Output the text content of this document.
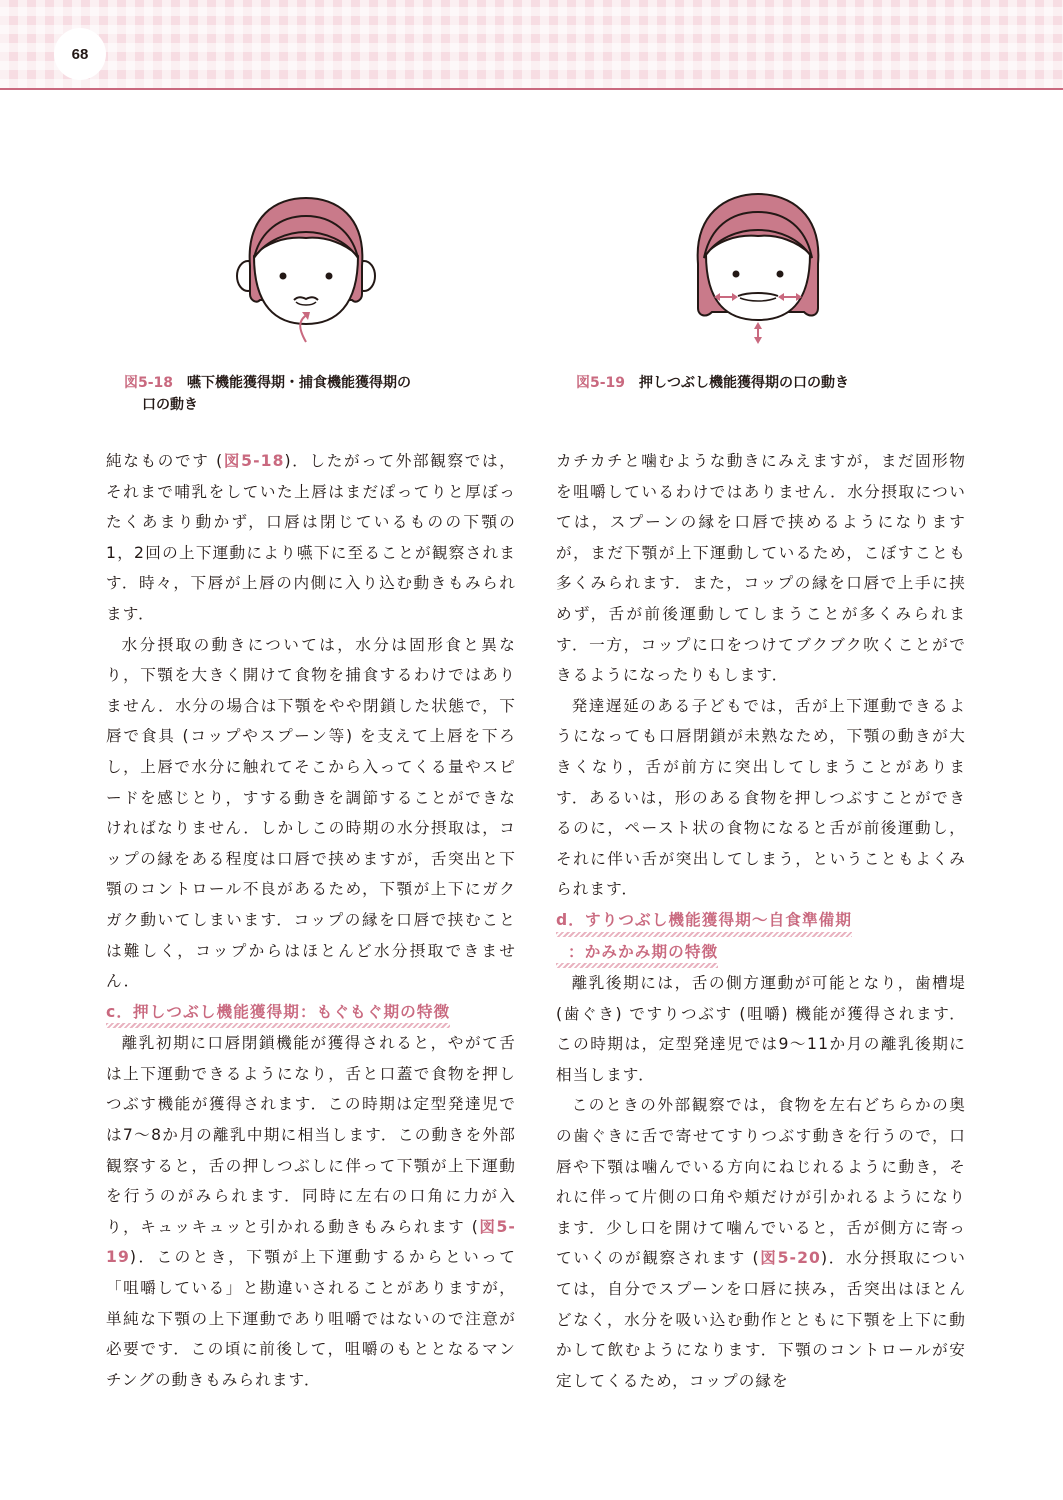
68
図5-18 嚥下機能獲得期・捕食機能獲得期の
口の動き
図5-19 押しつぶし機能獲得期の口の動き

純なものです (図5-18)．したがって外部観察では，それまで哺乳をしていた上唇はまだぽってりと厚ぼったくあまり動かず，口唇は閉じているものの下顎の1，2回の上下運動により嚥下に至ることが観察されます．時々，下唇が上唇の内側に入り込む動きもみられます．

水分摂取の動きについては，水分は固形食と異なり，下顎を大きく開けて食物を捕食するわけではありません．水分の場合は下顎をやや閉鎖した状態で，下唇で食具 (コップやスプーン等) を支えて上唇を下ろし，上唇で水分に触れてそこから入ってくる量やスピードを感じとり，すする動きを調節することができなければなりません．しかしこの時期の水分摂取は，コップの縁をある程度は口唇で挟めますが，舌突出と下顎のコントロール不良があるため，下顎が上下にガクガク動いてしまいます．コップの縁を口唇で挟むことは難しく，コップからはほとんど水分摂取できません．

c．押しつぶし機能獲得期：もぐもぐ期の特徴

離乳初期に口唇閉鎖機能が獲得されると，やがて舌は上下運動できるようになり，舌と口蓋で食物を押しつぶす機能が獲得されます．この時期は定型発達児では7〜8か月の離乳中期に相当します．この動きを外部観察すると，舌の押しつぶしに伴って下顎が上下運動を行うのがみられます．同時に左右の口角に力が入り，キュッキュッと引かれる動きもみられます (図5-19)．このとき，下顎が上下運動するからといって「咀嚼している」と勘違いされることがありますが，単純な下顎の上下運動であり咀嚼ではないので注意が必要です．この頃に前後して，咀嚼のもととなるマンチングの動きもみられます．

カチカチと噛むような動きにみえますが，まだ固形物を咀嚼しているわけではありません．水分摂取については，スプーンの縁を口唇で挟めるようになりますが，まだ下顎が上下運動しているため，こぼすことも多くみられます．また，コップの縁を口唇で上手に挟めず，舌が前後運動してしまうことが多くみられます．一方，コップに口をつけてブクブク吹くことができるようになったりもします．

発達遅延のある子どもでは，舌が上下運動できるようになっても口唇閉鎖が未熟なため，下顎の動きが大きくなり，舌が前方に突出してしまうことがあります．あるいは，形のある食物を押しつぶすことができるのに，ペースト状の食物になると舌が前後運動し，それに伴い舌が突出してしまう，ということもよくみられます．

d．すりつぶし機能獲得期〜自食準備期

：かみかみ期の特徴

離乳後期には，舌の側方運動が可能となり，歯槽堤 (歯ぐき) ですりつぶす (咀嚼) 機能が獲得されます．この時期は，定型発達児では9〜11か月の離乳後期に相当します．

このときの外部観察では，食物を左右どちらかの奥の歯ぐきに舌で寄せてすりつぶす動きを行うので，口唇や下顎は噛んでいる方向にねじれるように動き，それに伴って片側の口角や頬だけが引かれるようになります．少し口を開けて噛んでいると，舌が側方に寄っていくのが観察されます (図5-20)．水分摂取については，自分でスプーンを口唇に挟み，舌突出はほとんどなく，水分を吸い込む動作とともに下顎を上下に動かして飲むようになります．下顎のコントロールが安定してくるため，コップの縁を
